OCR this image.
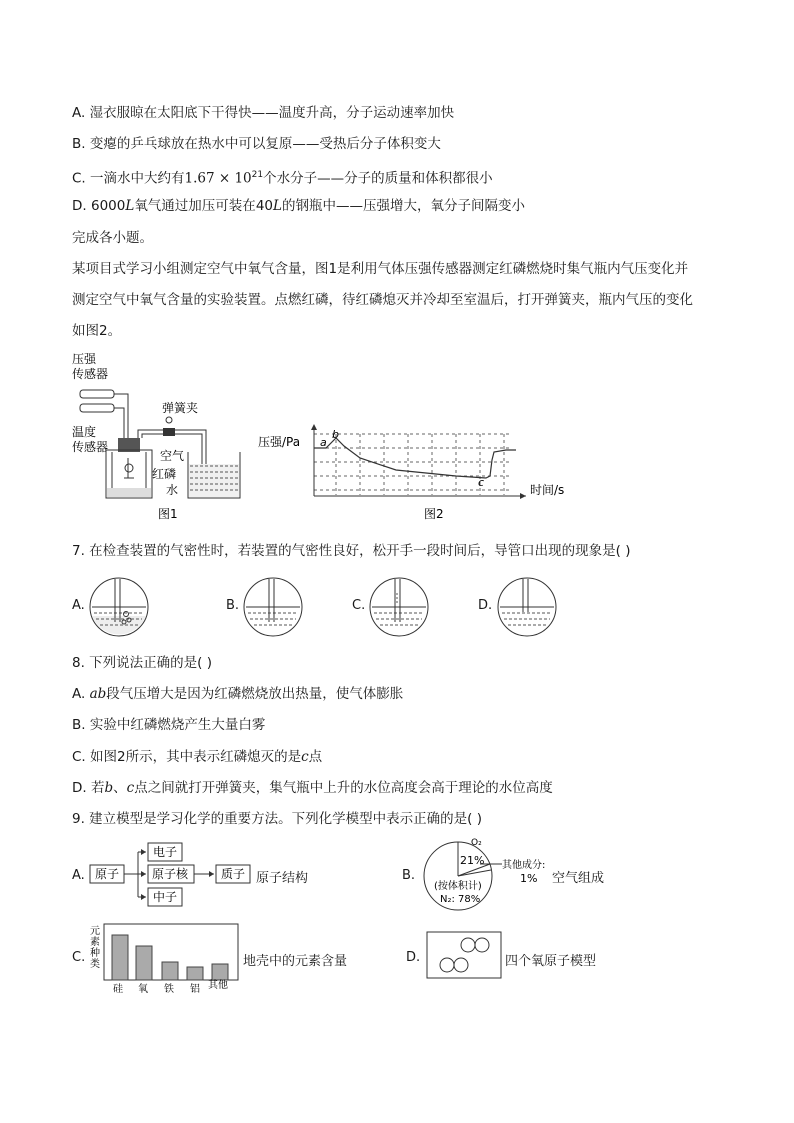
A. 湿衣服晾在太阳底下干得快——温度升高，分子运动速率加快
B. 变瘪的乒乓球放在热水中可以复原——受热后分子体积变大
C. 一滴水中大约有$1.67 \times 10^{21}$个水分子——分子的质量和体积都很小
D. 6000L氧气通过加压可装在40L的钢瓶中——压强增大，氧分子间隔变小
完成各小题。
某项目式学习小组测定空气中氧气含量，图1是利用气体压强传感器测定红磷燃烧时集气瓶内气压变化并
测定空气中氧气含量的实验装置。点燃红磷，待红磷熄灭并冷却至室温后，打开弹簧夹，瓶内气压的变化
如图2。
压强
传感器
温度
传感器
弹簧夹
空气
红磷
水
图1
压强/Pa a
b
c
时间/s
图2
7. 在检查装置的气密性时，若装置的气密性良好，松开手一段时间后，导管口出现的现象是( )
A.	B.	C.	D.
8. 下列说法正确的是( )
A. ab段气压增大是因为红磷燃烧放出热量，使气体膨胀
B. 实验中红磷燃烧产生大量白雾
C. 如图2所示，其中表示红磷熄灭的是c点
D. 若b、c点之间就打开弹簧夹，集气瓶中上升的水位高度会高于理论的水位高度
9. 建立模型是学习化学的重要方法。下列化学模型中表示正确的是( )
A. 原子
电子
原子核
中子
质子 原子结构	B.
O₂
21% 其他成分:
1%
(按体积计)
N₂: 78%
空气组成
C.
元
素
种
类
硅 氧 铁 铝 其他
地壳中的元素含量	D.	四个氧原子模型
